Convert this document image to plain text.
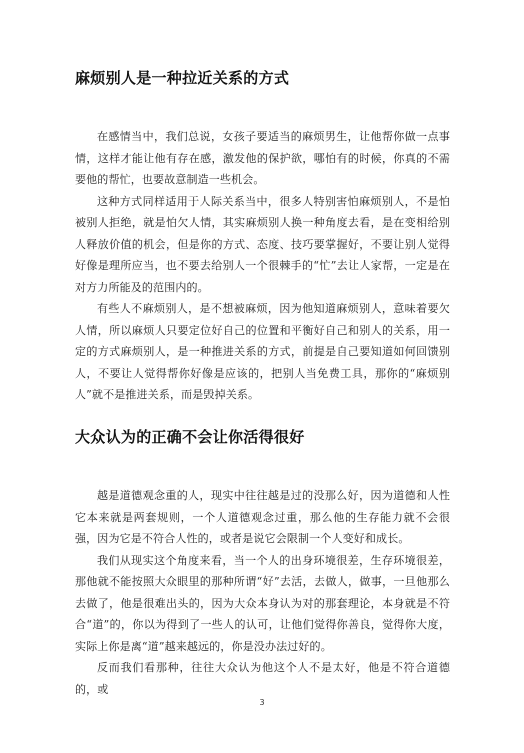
麻烦别人是一种拉近关系的方式

在感情当中，我们总说，女孩子要适当的麻烦男生，让他帮你做一点事情，这样才能让他有存在感，激发他的保护欲，哪怕有的时候，你真的不需要他的帮忙，也要故意制造一些机会。

这种方式同样适用于人际关系当中，很多人特别害怕麻烦别人，不是怕被别人拒绝，就是怕欠人情，其实麻烦别人换一种角度去看，是在变相给别人释放价值的机会，但是你的方式、态度、技巧要掌握好，不要让别人觉得好像是理所应当，也不要去给别人一个很棘手的“忙”去让人家帮，一定是在对方力所能及的范围内的。

有些人不麻烦别人，是不想被麻烦，因为他知道麻烦别人，意味着要欠人情，所以麻烦人只要定位好自己的位置和平衡好自己和别人的关系，用一定的方式麻烦别人，是一种推进关系的方式，前提是自己要知道如何回馈别人，不要让人觉得帮你好像是应该的，把别人当免费工具，那你的“麻烦别人”就不是推进关系，而是毁掉关系。

大众认为的正确不会让你活得很好

越是道德观念重的人，现实中往往越是过的没那么好，因为道德和人性它本来就是两套规则，一个人道德观念过重，那么他的生存能力就不会很强，因为它是不符合人性的，或者是说它会限制一个人变好和成长。

我们从现实这个角度来看，当一个人的出身环境很差，生存环境很差，那他就不能按照大众眼里的那种所谓“好”去活，去做人，做事，一旦他那么去做了，他是很难出头的，因为大众本身认为对的那套理论，本身就是不符合“道”的，你以为得到了一些人的认可，让他们觉得你善良，觉得你大度，实际上你是离“道”越来越远的，你是没办法过好的。

反而我们看那种，往往大众认为他这个人不是太好，他是不符合道德的，或

3
